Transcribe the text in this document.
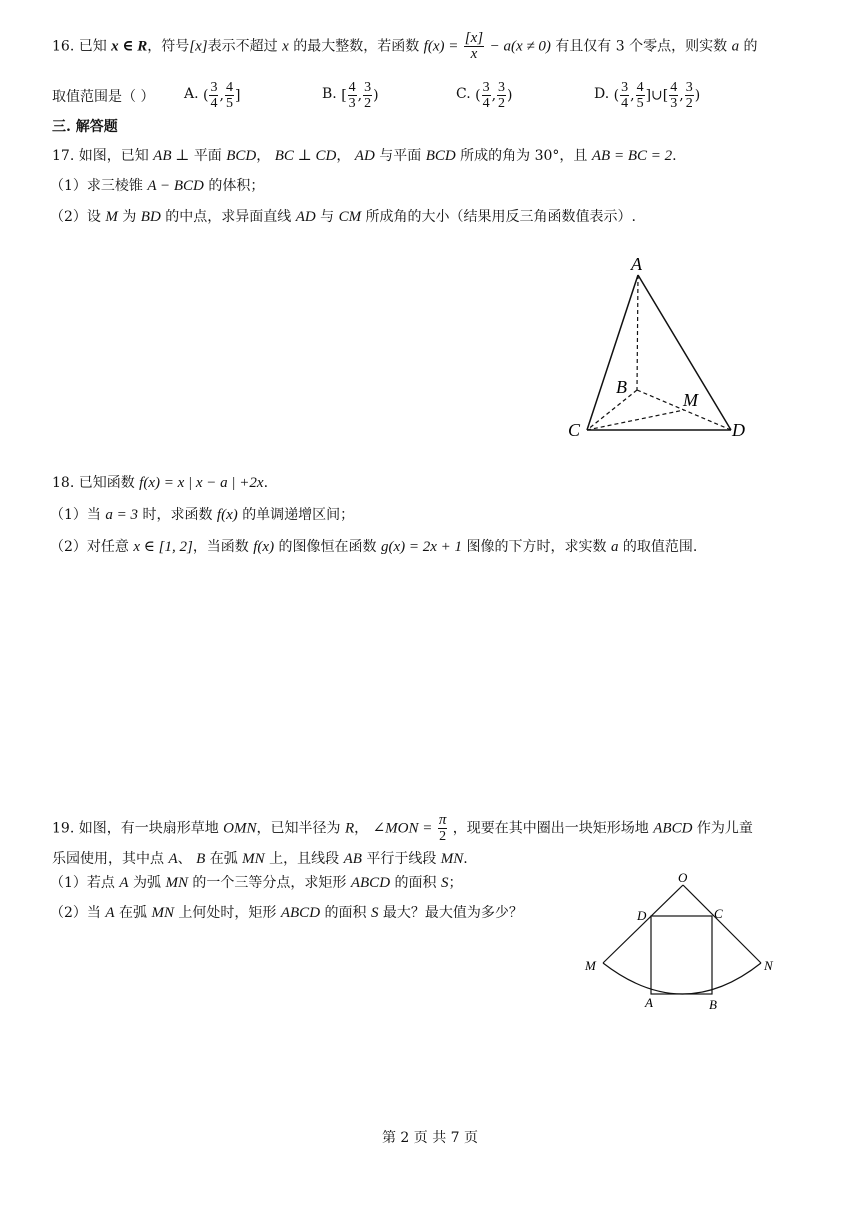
16. 已知 x ∈ R，符号[x]表示不超过 x 的最大整数，若函数 $f(x) = \frac{[x]}{x} - a(x \ne 0)$ 有且仅有 3 个零点，则实数 a 的
取值范围是（ ） A. ( $\frac{3}{4}$ , $\frac{4}{5}$ ]	B. [ $\frac{4}{3}$ , $\frac{3}{2}$ )	C. ( $\frac{3}{4}$ , $\frac{3}{2}$ )	D. ( $\frac{3}{4}$ , $\frac{4}{5}$ ]∪[ $\frac{4}{3}$ , $\frac{3}{2}$ )
三. 解答题
17. 如图，已知 AB ⊥ 平面 BCD， BC ⊥ CD， AD 与平面 BCD 所成的角为 30°，且 AB = BC = 2.
（1）求三棱锥 A − BCD 的体积；
（2）设 M 为 BD 的中点，求异面直线 AD 与 CM 所成角的大小（结果用反三角函数值表示）.
A
B
C	D
M
18. 已知函数 f(x) = x | x − a | +2x.
（1）当 a = 3 时，求函数 f(x) 的单调递增区间；
（2）对任意 x ∈ [1, 2]，当函数 f(x) 的图像恒在函数 g(x) = 2x + 1 图像的下方时，求实数 a 的取值范围.
19. 如图，有一块扇形草地 OMN，已知半径为 R， ∠MON = $\frac{\pi}{2}$ ，现要在其中圈出一块矩形场地 ABCD 作为儿童
乐园使用，其中点 A、 B 在弧 MN 上，且线段 AB 平行于线段 MN.
（1）若点 A 为弧 MN 的一个三等分点，求矩形 ABCD 的面积 S；
（2）当 A 在弧 MN 上何处时，矩形 ABCD 的面积 S 最大？最大值为多少？
O
D	C
M	N
A	B
第 2 页 共 7 页
